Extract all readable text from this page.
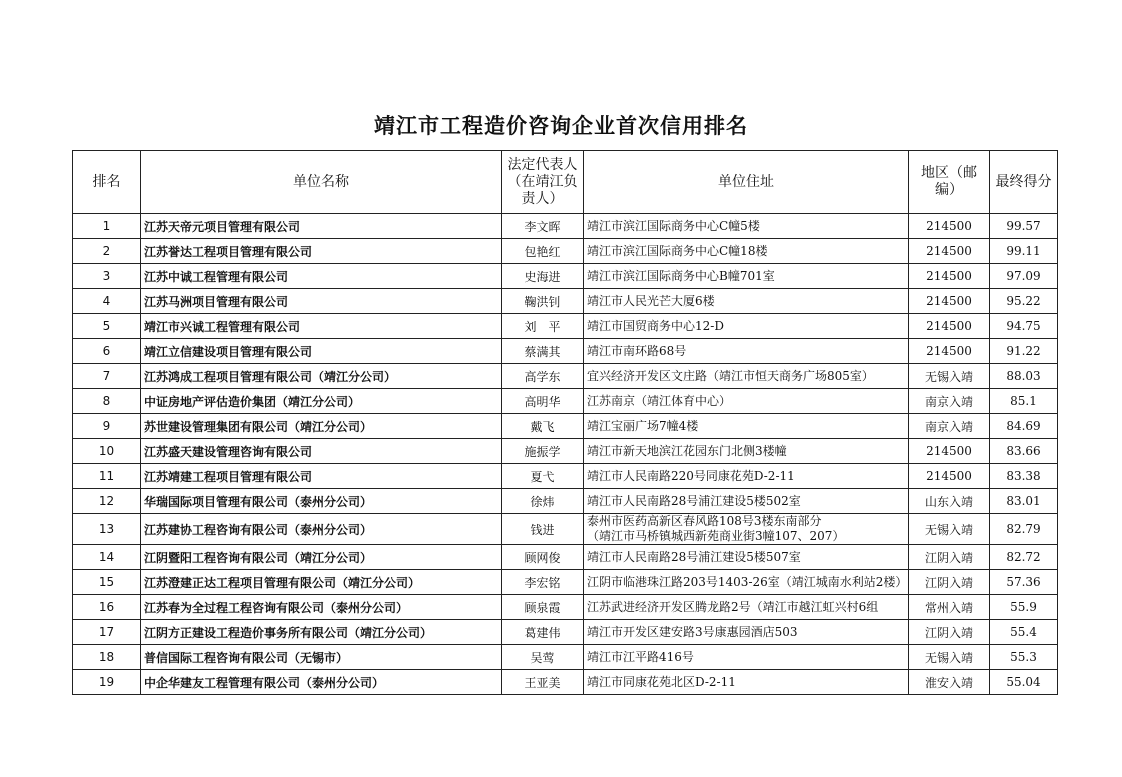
靖江市工程造价咨询企业首次信用排名
排名	单位名称	法定代表人（在靖江负责人）	单位住址	地区（邮编）	最终得分
1	江苏天帝元项目管理有限公司	李文晖	靖江市滨江国际商务中心C幢5楼	214500	99.57
2	江苏誉达工程项目管理有限公司	包艳红	靖江市滨江国际商务中心C幢18楼	214500	99.11
3	江苏中诚工程管理有限公司	史海进	靖江市滨江国际商务中心B幢701室	214500	97.09
4	江苏马洲项目管理有限公司	鞠洪钊	靖江市人民光芒大厦6楼	214500	95.22
5	靖江市兴诚工程管理有限公司	刘　平	靖江市国贸商务中心12-D	214500	94.75
6	靖江立信建设项目管理有限公司	蔡满其	靖江市南环路68号	214500	91.22
7	江苏鸿成工程项目管理有限公司（靖江分公司）	高学东	宜兴经济开发区文庄路（靖江市恒天商务广场805室）	无锡入靖	88.03
8	中证房地产评估造价集团（靖江分公司）	高明华	江苏南京（靖江体育中心）	南京入靖	85.1
9	苏世建设管理集团有限公司（靖江分公司）	戴飞	靖江宝丽广场7幢4楼	南京入靖	84.69
10	江苏盛天建设管理咨询有限公司	施振学	靖江市新天地滨江花园东门北侧3楼幢	214500	83.66
11	江苏靖建工程项目管理有限公司	夏弋	靖江市人民南路220号同康花苑D-2-11	214500	83.38
12	华瑞国际项目管理有限公司（泰州分公司）	徐炜	靖江市人民南路28号浦江建设5楼502室	山东入靖	83.01
13	江苏建协工程咨询有限公司（泰州分公司）	钱进	泰州市医药高新区春风路108号3楼东南部分
（靖江市马桥镇城西新苑商业街3幢107、207）	无锡入靖	82.79
14	江阴暨阳工程咨询有限公司（靖江分公司）	顾网俊	靖江市人民南路28号浦江建设5楼507室	江阴入靖	82.72
15	江苏澄建正达工程项目管理有限公司（靖江分公司）	李宏铭	江阴市临港珠江路203号1403-26室（靖江城南水利站2楼）	江阴入靖	57.36
16	江苏春为全过程工程咨询有限公司（泰州分公司）	顾泉霞	江苏武进经济开发区腾龙路2号（靖江市越江虹兴村6组	常州入靖	55.9
17	江阴方正建设工程造价事务所有限公司（靖江分公司）	葛建伟	靖江市开发区建安路3号康惠园酒店503	江阴入靖	55.4
18	普信国际工程咨询有限公司（无锡市）	吴莺	靖江市江平路416号	无锡入靖	55.3
19	中企华建友工程管理有限公司（泰州分公司）	王亚美	靖江市同康花苑北区D-2-11	淮安入靖	55.04
